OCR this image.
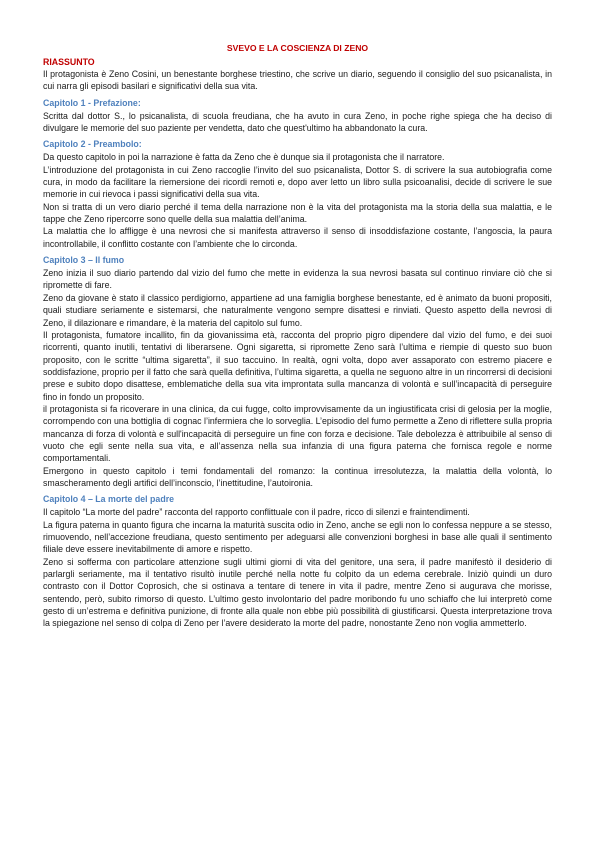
SVEVO E LA COSCIENZA DI ZENO
RIASSUNTO

Il protagonista è Zeno Cosini, un benestante borghese triestino, che scrive un diario, seguendo il consiglio del suo psicanalista, in cui narra gli episodi basilari e significativi della sua vita.

Capitolo 1 - Prefazione:

Scritta dal dottor S., lo psicanalista, di scuola freudiana, che ha avuto in cura Zeno, in poche righe spiega che ha deciso di divulgare le memorie del suo paziente per vendetta, dato che quest'ultimo ha abbandonato la cura.

Capitolo 2 - Preambolo:

Da questo capitolo in poi la narrazione è fatta da Zeno che è dunque sia il protagonista che il narratore.

L’introduzione del protagonista in cui Zeno raccoglie l’invito del suo psicanalista, Dottor S. di scrivere la sua autobiografia come cura, in modo da facilitare la riemersione dei ricordi remoti e, dopo aver letto un libro sulla psicoanalisi, decide di scrivere le sue memorie in cui rievoca i passi significativi della sua vita.

Non si tratta di un vero diario perché il tema della narrazione non è la vita del protagonista ma la storia della sua malattia, e le tappe che Zeno ripercorre sono quelle della sua malattia dell’anima.

La malattia che lo affligge è una nevrosi che si manifesta attraverso il senso di insoddisfazione costante, l’angoscia, la paura incontrollabile, il conflitto costante con l’ambiente che lo circonda.

Capitolo 3 – Il fumo

Zeno inizia il suo diario partendo dal vizio del fumo che mette in evidenza la sua nevrosi basata sul continuo rinviare ciò che si ripromette di fare.

Zeno da giovane è stato il classico perdigiorno, appartiene ad una famiglia borghese benestante, ed è animato da buoni propositi, quali studiare seriamente e sistemarsi, che naturalmente vengono sempre disattesi e rinviati. Questo aspetto della nevrosi di Zeno, il dilazionare e rimandare, è la materia del capitolo sul fumo.

Il protagonista, fumatore incallito, fin da giovanissima età, racconta del proprio pigro dipendere dal vizio del fumo, e dei suoi ricorrenti, quanto inutili, tentativi di liberarsene. Ogni sigaretta, si ripromette Zeno sarà l’ultima e riempie di questo suo buon proposito, con le scritte “ultima sigaretta”, il suo taccuino. In realtà, ogni volta, dopo aver assaporato con estremo piacere e soddisfazione, proprio per il fatto che sarà quella definitiva, l’ultima sigaretta, a quella ne seguono altre in un rincorrersi di decisioni prese e subito dopo disattese, emblematiche della sua vita improntata sulla mancanza di volontà e sull’incapacità di perseguire fino in fondo un proposito.

il protagonista si fa ricoverare in una clinica, da cui fugge, colto improvvisamente da un ingiustificata crisi di gelosia per la moglie, corrompendo con una bottiglia di cognac l’infermiera che lo sorveglia. L’episodio del fumo permette a Zeno di riflettere sulla propria mancanza di forza di volontà e sull'incapacità di perseguire un fine con forza e decisione. Tale debolezza è attribuibile al senso di vuoto che egli sente nella sua vita, e all’assenza nella sua infanzia di una figura paterna che fornisca regole e norme comportamentali.

Emergono in questo capitolo i temi fondamentali del romanzo: la continua irresolutezza, la malattia della volontà, lo smascheramento degli artifici dell’inconscio, l’inettitudine, l’autoironia.

Capitolo 4 – La morte del padre

Il capitolo “La morte del padre” racconta del rapporto conflittuale con il padre, ricco di silenzi e fraintendimenti.

La figura paterna in quanto figura che incarna la maturità suscita odio in Zeno, anche se egli non lo confessa neppure a se stesso, rimuovendo, nell’accezione freudiana, questo sentimento per adeguarsi alle convenzioni borghesi in base alle quali il sentimento filiale deve essere inevitabilmente di amore e rispetto.

Zeno si sofferma con particolare attenzione sugli ultimi giorni di vita del genitore, una sera, il padre manifestò il desiderio di parlargli seriamente, ma il tentativo risultò inutile perché nella notte fu colpito da un edema cerebrale. Iniziò quindi un duro contrasto con il Dottor Coprosich, che si ostinava a tentare di tenere in vita il padre, mentre Zeno si augurava che morisse, sentendo, però, subito rimorso di questo. L’ultimo gesto involontario del padre moribondo fu uno schiaffo che lui interpretò come gesto di un’estrema e definitiva punizione, di fronte alla quale non ebbe più possibilità di giustificarsi. Questa interpretazione trova la spiegazione nel senso di colpa di Zeno per l’avere desiderato la morte del padre, nonostante Zeno non voglia ammetterlo.
